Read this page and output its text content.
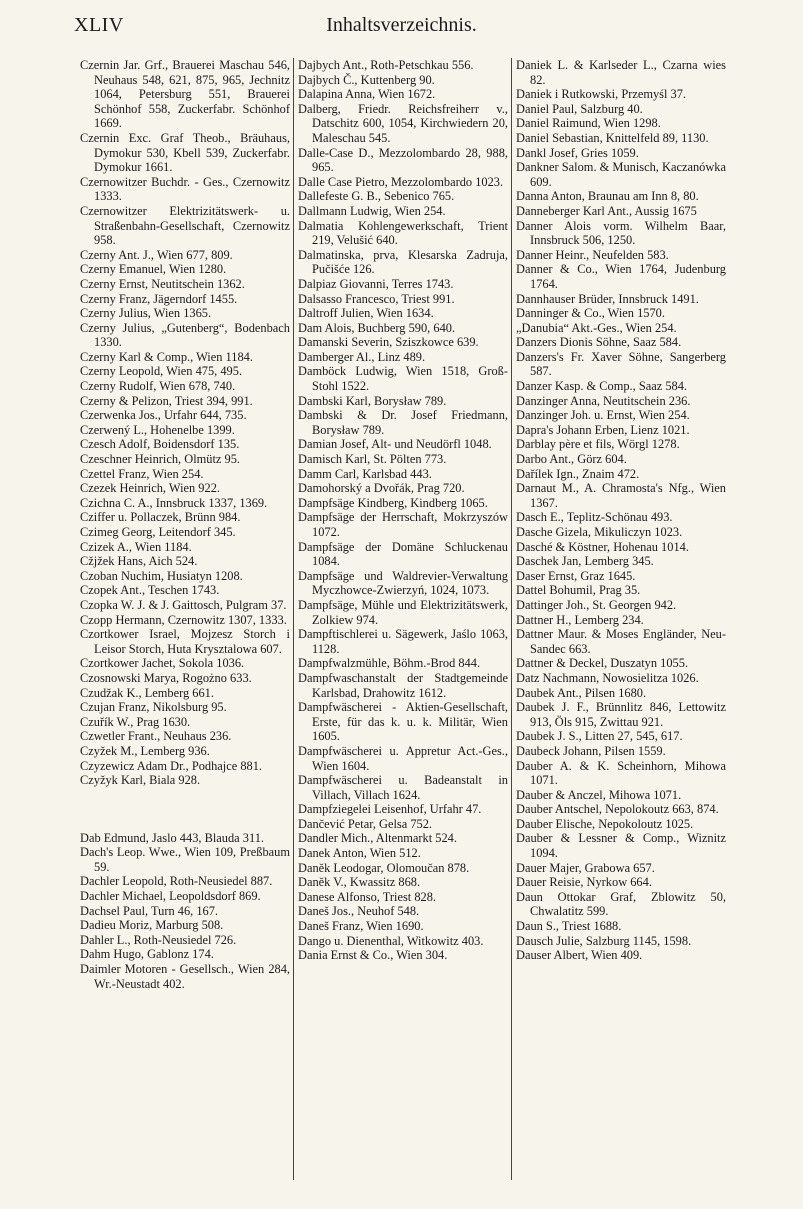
XLIV	Inhaltsverzeichnis.
Czernin Jar. Grf., Brauerei Maschau 546, Neuhaus 548, 621, 875, 965, Jechnitz 1064, Petersburg 551, Brauerei Schönhof 558, Zuckerfabr. Schönhof 1669.
Czernin Exc. Graf Theob., Bräuhaus, Dymokur 530, Kbell 539, Zuckerfabr. Dymokur 1661.
Czernowitzer Buchdr. - Ges., Czernowitz 1333.
Czernowitzer Elektrizitätswerk- u. Straßenbahn-Gesellschaft, Czernowitz 958.
Czerny Ant. J., Wien 677, 809.
Czerny Emanuel, Wien 1280.
Czerny Ernst, Neutitschein 1362.
Czerny Franz, Jägerndorf 1455.
Czerny Julius, Wien 1365.
Czerny Julius, „Gutenberg“, Bodenbach 1330.
Czerny Karl & Comp., Wien 1184.
Czerny Leopold, Wien 475, 495.
Czerny Rudolf, Wien 678, 740.
Czerny & Pelizon, Triest 394, 991.
Czerwenka Jos., Urfahr 644, 735.
Czerwený L., Hohenelbe 1399.
Czesch Adolf, Boidensdorf 135.
Czeschner Heinrich, Olmütz 95.
Czettel Franz, Wien 254.
Czezek Heinrich, Wien 922.
Czichna C. A., Innsbruck 1337, 1369.
Cziffer u. Pollaczek, Brünn 984.
Czimeg Georg, Leitendorf 345.
Czizek A., Wien 1184.
Cžjžek Hans, Aich 524.
Czoban Nuchim, Husiatyn 1208.
Czopek Ant., Teschen 1743.
Czopka W. J. & J. Gaittosch, Pulgram 37.
Czopp Hermann, Czernowitz 1307, 1333.
Czortkower Israel, Mojzesz Storch i Leisor Storch, Huta Krysztalowa 607.
Czortkower Jachet, Sokola 1036.
Czosnowski Marya, Rogożno 633.
Czudžak K., Lemberg 661.
Czujan Franz, Nikolsburg 95.
Czuřík W., Prag 1630.
Czwetler Frant., Neuhaus 236.
Czyžek M., Lemberg 936.
Czyzewicz Adam Dr., Podhajce 881.
Czyžyk Karl, Biala 928.
Dab Edmund, Jaslo 443, Blauda 311.
Dach's Leop. Wwe., Wien 109, Preßbaum 59.
Dachler Leopold, Roth-Neusiedel 887.
Dachler Michael, Leopoldsdorf 869.
Dachsel Paul, Turn 46, 167.
Dadieu Moriz, Marburg 508.
Dahler L., Roth-Neusiedel 726.
Dahm Hugo, Gablonz 174.
Daimler Motoren - Gesellsch., Wien 284, Wr.-Neustadt 402.
Dajbych Ant., Roth-Petschkau 556.
Dajbych Č., Kuttenberg 90.
Dalapina Anna, Wien 1672.
Dalberg, Friedr. Reichsfreiherr v., Datschitz 600, 1054, Kirchwiedern 20, Maleschau 545.
Dalle-Case D., Mezzolombardo 28, 988, 965.
Dalle Case Pietro, Mezzolombardo 1023.
Dallefeste G. B., Sebenico 765.
Dallmann Ludwig, Wien 254.
Dalmatia Kohlengewerkschaft, Trient 219, Velušić 640.
Dalmatinska, prva, Klesarska Zadruja, Pučišće 126.
Dalpiaz Giovanni, Terres 1743.
Dalsasso Francesco, Triest 991.
Daltroff Julien, Wien 1634.
Dam Alois, Buchberg 590, 640.
Damanski Severin, Sziszkowce 639.
Damberger Al., Linz 489.
Damböck Ludwig, Wien 1518, Groß-Stohl 1522.
Dambski Karl, Borysław 789.
Dambski & Dr. Josef Friedmann, Borysław 789.
Damian Josef, Alt- und Neudörfl 1048.
Damisch Karl, St. Pölten 773.
Damm Carl, Karlsbad 443.
Damohorský a Dvořák, Prag 720.
Dampfsäge Kindberg, Kindberg 1065.
Dampfsäge der Herrschaft, Mokrzyszów 1072.
Dampfsäge der Domäne Schluckenau 1084.
Dampfsäge und Waldrevier-Verwaltung Myczhowce-Zwierzyń, 1024, 1073.
Dampfsäge, Mühle und Elektrizitätswerk, Zolkiew 974.
Dampftischlerei u. Sägewerk, Jaślo 1063, 1128.
Dampfwalzmühle, Böhm.-Brod 844.
Dampfwaschanstalt der Stadtgemeinde Karlsbad, Drahowitz 1612.
Dampfwäscherei - Aktien-Gesellschaft, Erste, für das k. u. k. Militär, Wien 1605.
Dampfwäscherei u. Appretur Act.-Ges., Wien 1604.
Dampfwäscherei u. Badeanstalt in Villach, Villach 1624.
Dampfziegelei Leisenhof, Urfahr 47.
Dančević Petar, Gelsa 752.
Dandler Mich., Altenmarkt 524.
Danek Anton, Wien 512.
Daněk Leodogar, Olomoučan 878.
Daněk V., Kwassitz 868.
Danese Alfonso, Triest 828.
Daneš Jos., Neuhof 548.
Daneš Franz, Wien 1690.
Dango u. Dienenthal, Witkowitz 403.
Dania Ernst & Co., Wien 304.
Daniek L. & Karlseder L., Czarna wies 82.
Daniek i Rutkowski, Przemyśl 37.
Daniel Paul, Salzburg 40.
Daniel Raimund, Wien 1298.
Daniel Sebastian, Knittelfeld 89, 1130.
Dankl Josef, Gries 1059.
Dankner Salom. & Munisch, Kaczanówka 609.
Danna Anton, Braunau am Inn 8, 80.
Danneberger Karl Ant., Aussig 1675
Danner Alois vorm. Wilhelm Baar, Innsbruck 506, 1250.
Danner Heinr., Neufelden 583.
Danner & Co., Wien 1764, Judenburg 1764.
Dannhauser Brüder, Innsbruck 1491.
Danninger & Co., Wien 1570.
„Danubia“ Akt.-Ges., Wien 254.
Danzers Dionis Söhne, Saaz 584.
Danzers's Fr. Xaver Söhne, Sangerberg 587.
Danzer Kasp. & Comp., Saaz 584.
Danzinger Anna, Neutitschein 236.
Danzinger Joh. u. Ernst, Wien 254.
Dapra's Johann Erben, Lienz 1021.
Darblay père et fils, Wörgl 1278.
Darbo Ant., Görz 604.
Dařílek Ign., Znaim 472.
Darnaut M., A. Chramosta's Nfg., Wien 1367.
Dasch E., Teplitz-Schönau 493.
Dasche Gizela, Mikuliczyn 1023.
Dasché & Köstner, Hohenau 1014.
Daschek Jan, Lemberg 345.
Daser Ernst, Graz 1645.
Dattel Bohumil, Prag 35.
Dattinger Joh., St. Georgen 942.
Dattner H., Lemberg 234.
Dattner Maur. & Moses Engländer, Neu-Sandec 663.
Dattner & Deckel, Duszatyn 1055.
Datz Nachmann, Nowosielitza 1026.
Daubek Ant., Pilsen 1680.
Daubek J. F., Brünnlitz 846, Lettowitz 913, Öls 915, Zwittau 921.
Daubek J. S., Litten 27, 545, 617.
Daubeck Johann, Pilsen 1559.
Dauber A. & K. Scheinhorn, Mihowa 1071.
Dauber & Anczel, Mihowa 1071.
Dauber Antschel, Nepolokoutz 663, 874.
Dauber Elische, Nepokoloutz 1025.
Dauber & Lessner & Comp., Wiznitz 1094.
Dauer Majer, Grabowa 657.
Dauer Reisie, Nyrkow 664.
Daun Ottokar Graf, Zblowitz 50, Chwalatitz 599.
Daun S., Triest 1688.
Dausch Julie, Salzburg 1145, 1598.
Dauser Albert, Wien 409.
